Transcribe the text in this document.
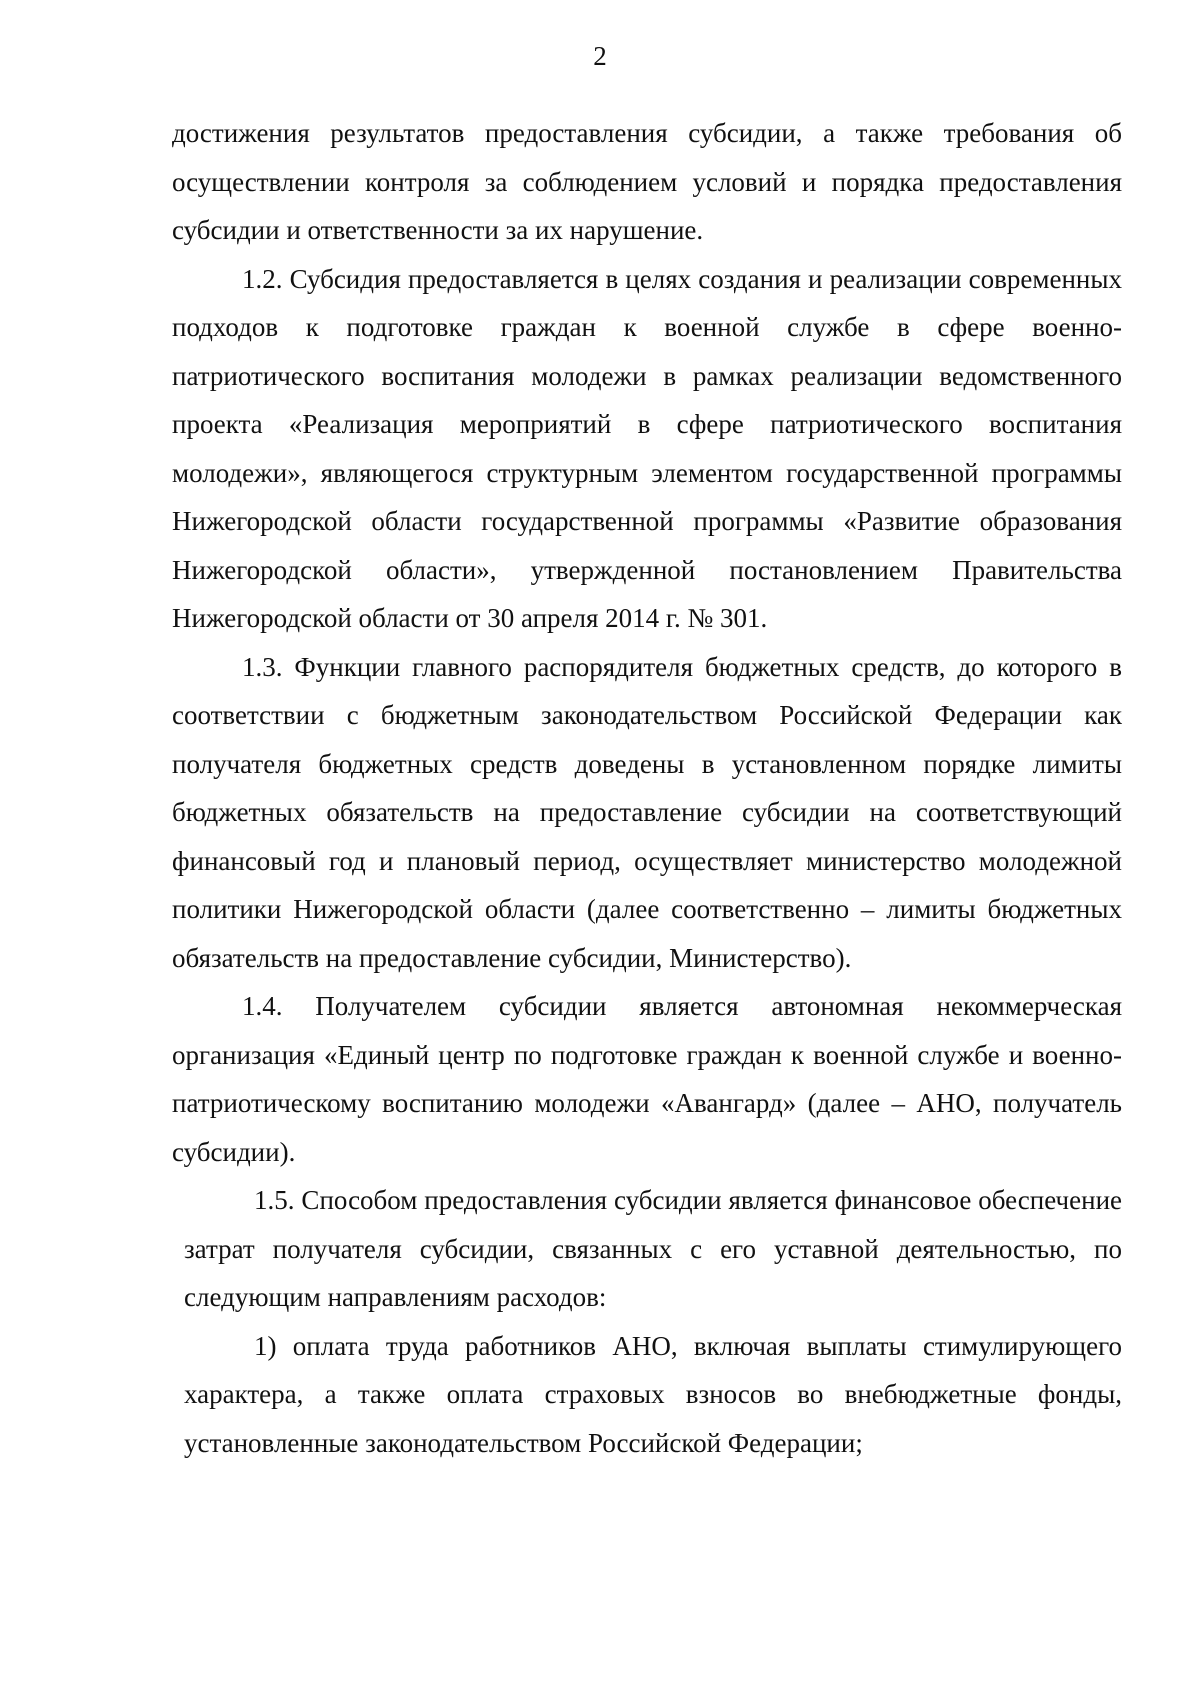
2

достижения результатов предоставления субсидии, а также требования об осуществлении контроля за соблюдением условий и порядка предоставления субсидии и ответственности за их нарушение.

1.2. Субсидия предоставляется в целях создания и реализации современных подходов к подготовке граждан к военной службе в сфере военно-патриотического воспитания молодежи в рамках реализации ведомственного проекта «Реализация мероприятий в сфере патриотического воспитания молодежи», являющегося структурным элементом государственной программы Нижегородской области государственной программы «Развитие образования Нижегородской области», утвержденной постановлением Правительства Нижегородской области от 30 апреля 2014 г. № 301.

1.3. Функции главного распорядителя бюджетных средств, до которого в соответствии с бюджетным законодательством Российской Федерации как получателя бюджетных средств доведены в установленном порядке лимиты бюджетных обязательств на предоставление субсидии на соответствующий финансовый год и плановый период, осуществляет министерство молодежной политики Нижегородской области (далее соответственно – лимиты бюджетных обязательств на предоставление субсидии, Министерство).

1.4. Получателем субсидии является автономная некоммерческая организация «Единый центр по подготовке граждан к военной службе и военно-патриотическому воспитанию молодежи «Авангард» (далее – АНО, получатель субсидии).

1.5. Способом предоставления субсидии является финансовое обеспечение затрат получателя субсидии, связанных с его уставной деятельностью, по следующим направлениям расходов:

1) оплата труда работников АНО, включая выплаты стимулирующего характера, а также оплата страховых взносов во внебюджетные фонды, установленные законодательством Российской Федерации;
